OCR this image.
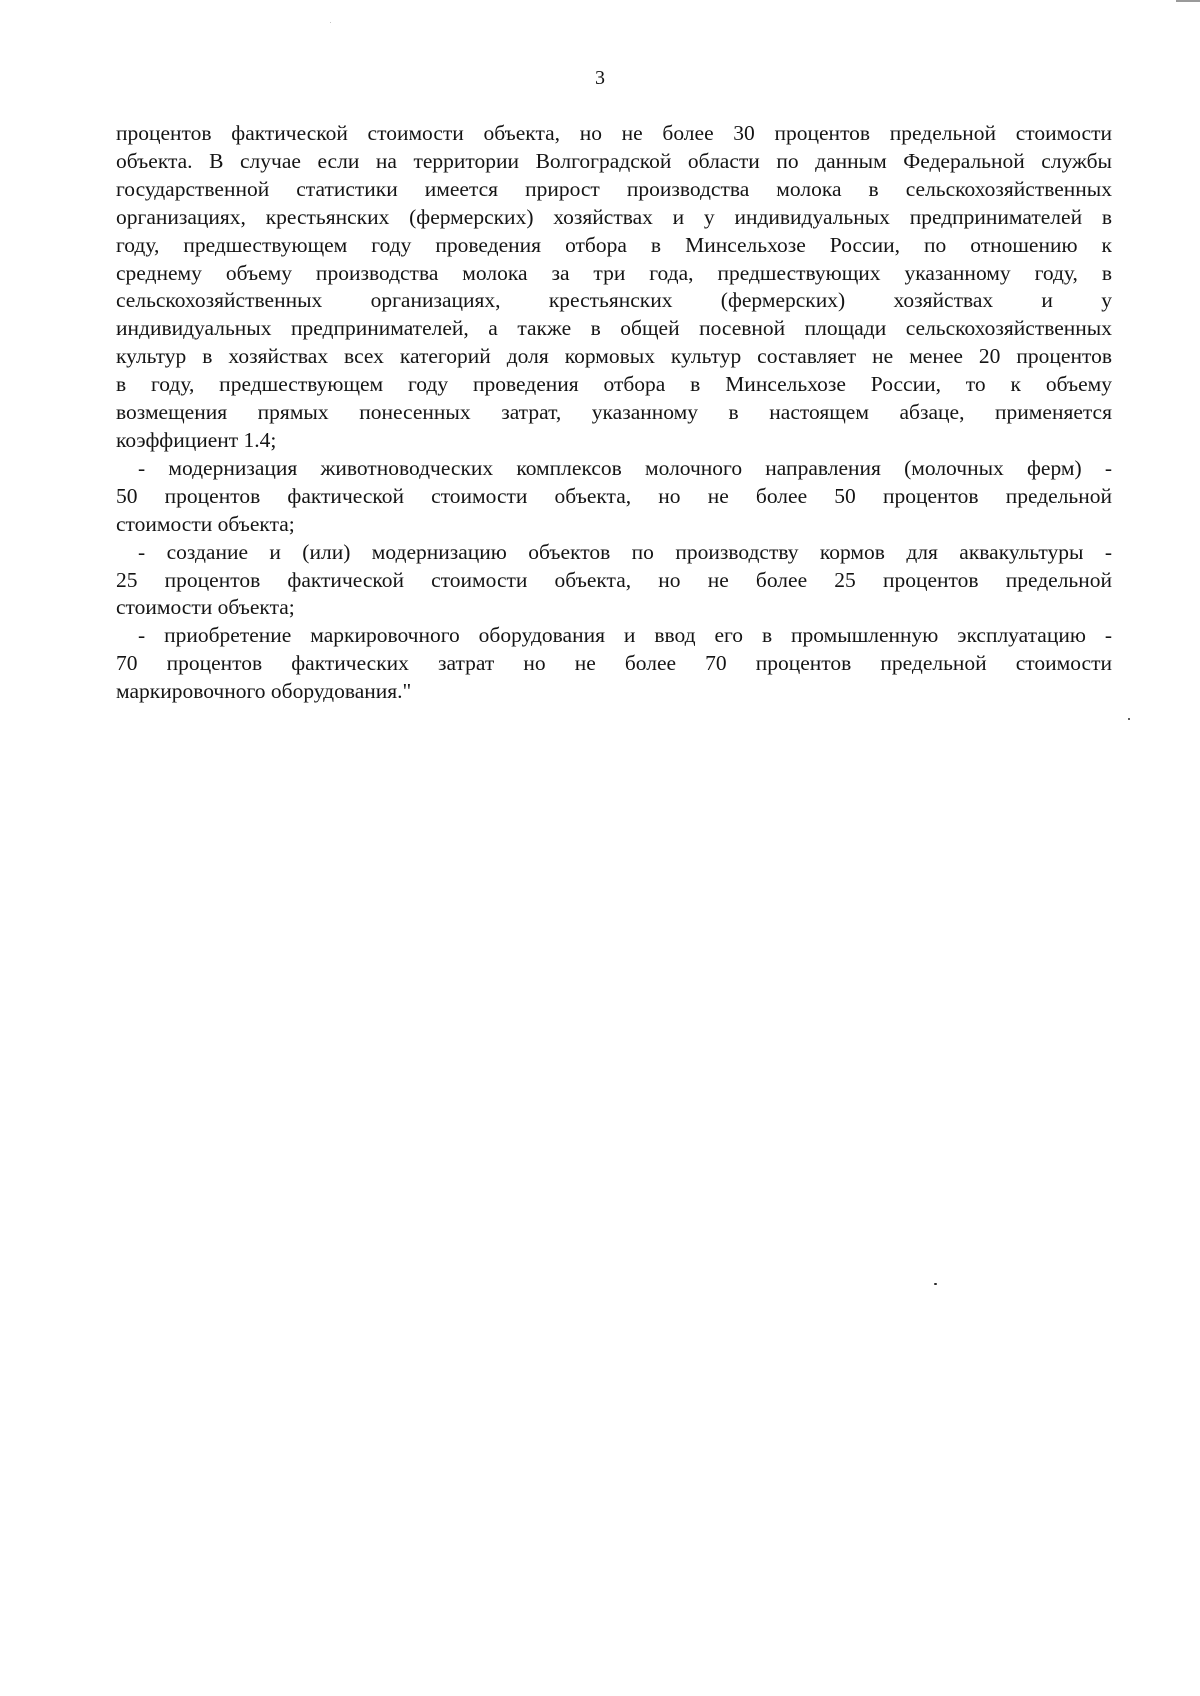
3
процентов фактической стоимости объекта, но не более 30 процентов предельной стоимости
объекта. В случае если на территории Волгоградской области по данным Федеральной службы
государственной статистики имеется прирост производства молока в сельскохозяйственных
организациях, крестьянских (фермерских) хозяйствах и у индивидуальных предпринимателей в
году, предшествующем году проведения отбора в Минсельхозе России, по отношению к
среднему объему производства молока за три года, предшествующих указанному году, в
сельскохозяйственных организациях, крестьянских (фермерских) хозяйствах и у
индивидуальных предпринимателей, а также в общей посевной площади сельскохозяйственных
культур в хозяйствах всех категорий доля кормовых культур составляет не менее 20 процентов
в году, предшествующем году проведения отбора в Минсельхозе России, то к объему
возмещения прямых понесенных затрат, указанному в настоящем абзаце, применяется
коэффициент 1.4;
- модернизация животноводческих комплексов молочного направления (молочных ферм) -
50 процентов фактической стоимости объекта, но не более 50 процентов предельной
стоимости объекта;
- создание и (или) модернизацию объектов по производству кормов для аквакультуры -
25 процентов фактической стоимости объекта, но не более 25 процентов предельной
стоимости объекта;
- приобретение маркировочного оборудования и ввод его в промышленную эксплуатацию -
70 процентов фактических затрат но не более 70 процентов предельной стоимости
маркировочного оборудования."
